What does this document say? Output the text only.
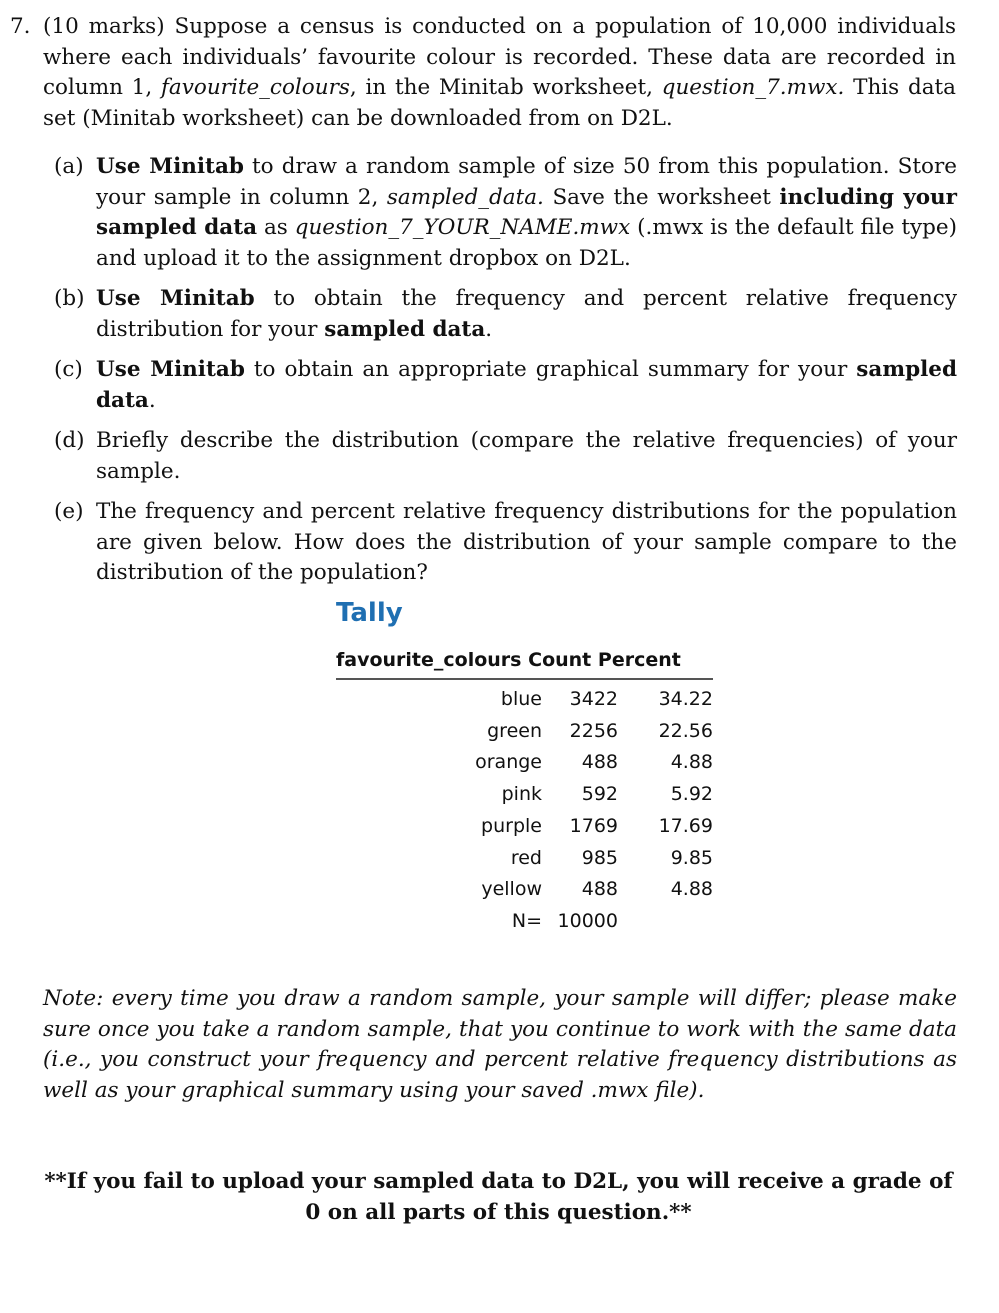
7. (10 marks) Suppose a census is conducted on a population of 10,000 individuals where each individuals’ favourite colour is recorded. These data are recorded in column 1, favourite_colours, in the Minitab worksheet, question_7.mwx. This data set (Minitab worksheet) can be downloaded from on D2L.
(a) Use Minitab to draw a random sample of size 50 from this population. Store your sample in column 2, sampled_data. Save the worksheet including your sampled data as question_7_YOUR_NAME.mwx (.mwx is the default file type) and upload it to the assignment dropbox on D2L.
(b) Use Minitab to obtain the frequency and percent relative frequency distribution for your sampled data.
(c) Use Minitab to obtain an appropriate graphical summary for your sampled data.
(d) Briefly describe the distribution (compare the relative frequencies) of your sample.
(e) The frequency and percent relative frequency distributions for the population are given below. How does the distribution of your sample compare to the distribution of the population?
Tally
favourite_colours Count Percent		
blue	3422	34.22
green	2256	22.56
orange	488	4.88
pink	592	5.92
purple	1769	17.69
red	985	9.85
yellow	488	4.88
N=	10000	
Note: every time you draw a random sample, your sample will differ; please make sure once you take a random sample, that you continue to work with the same data (i.e., you construct your frequency and percent relative frequency distributions as well as your graphical summary using your saved .mwx file).
**If you fail to upload your sampled data to D2L, you will receive a grade of 0 on all parts of this question.**
